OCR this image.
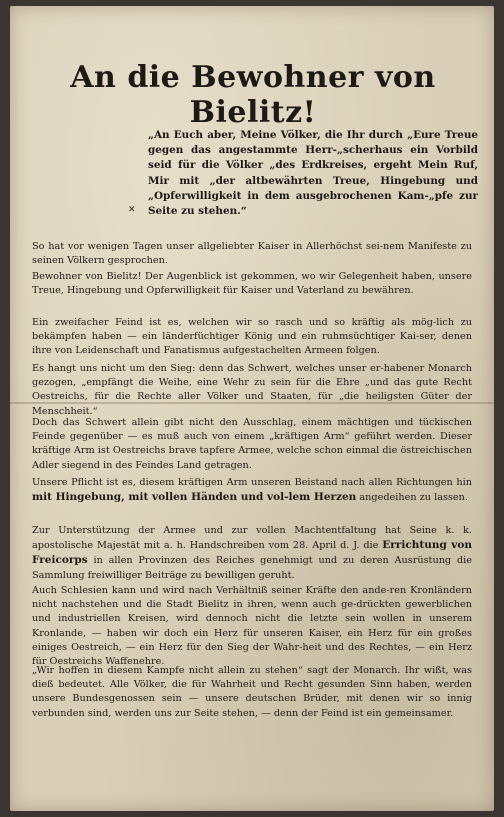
An die Bewohner von Bielitz!
„An Euch aber, Meine Völker, die Ihr durch „Eure Treue gegen das angestammte Herr-„scherhaus ein Vorbild seid für die Völker „des Erdkreises, ergeht Mein Ruf, Mir mit „der altbewährten Treue, Hingebung und „Opferwilligkeit in dem ausgebrochenen Kam-„pfe zur Seite zu stehen.“
✕
So hat vor wenigen Tagen unser allgeliebter Kaiser in Allerhöchst sei-nem Manifeste zu seinen Völkern gesprochen.
Bewohner von Bielitz! Der Augenblick ist gekommen, wo wir Gelegenheit haben, unsere Treue, Hingebung und Opferwilligkeit für Kaiser und Vaterland zu bewähren.
Ein zweifacher Feind ist es, welchen wir so rasch und so kräftig als mög-lich zu bekämpfen haben — ein länderfüchtiger König und ein ruhmsüchtiger Kai-ser, denen ihre von Leidenschaft und Fanatismus aufgestachelten Armeen folgen.
Es hangt uns nicht um den Sieg: denn das Schwert, welches unser er-habener Monarch gezogen, „empfängt die Weihe, eine Wehr zu sein für die Ehre „und das gute Recht Oestreichs, für die Rechte aller Völker und Staaten, für „die heiligsten Güter der Menschheit.“
Doch das Schwert allein gibt nicht den Ausschlag, einem mächtigen und tückischen Feinde gegenüber — es muß auch von einem „kräftigen Arm“ geführt werden. Dieser kräftige Arm ist Oestreichs brave tapfere Armee, welche schon einmal die östreichischen Adler siegend in des Feindes Land getragen.
Unsere Pflicht ist es, diesem kräftigen Arm unseren Beistand nach allen Richtungen hin mit Hingebung, mit vollen Händen und vol-lem Herzen angedeihen zu lassen.
Zur Unterstützung der Armee und zur vollen Machtentfaltung hat Seine k. k. apostolische Majestät mit a. h. Handschreiben vom 28. April d. J. die Errichtung von Freicorps in allen Provinzen des Reiches genehmigt und zu deren Ausrüstung die Sammlung freiwilliger Beiträge zu bewilligen geruht.
Auch Schlesien kann und wird nach Verhältniß seiner Kräfte den ande-ren Kronländern nicht nachstehen und die Stadt Bielitz in ihren, wenn auch ge-drückten gewerblichen und industriellen Kreisen, wird dennoch nicht die letzte sein wollen in unserem Kronlande, — haben wir doch ein Herz für unseren Kaiser, ein Herz für ein großes einiges Oestreich, — ein Herz für den Sieg der Wahr-heit und des Rechtes, — ein Herz für Oestreichs Waffenehre.
„Wir hoffen in diesem Kampfe nicht allein zu stehen“ sagt der Monarch. Ihr wißt, was dieß bedeutet. Alle Völker, die für Wahrheit und Recht gesunden Sinn haben, werden unsere Bundesgenossen sein — unsere deutschen Brüder, mit denen wir so innig verbunden sind, werden uns zur Seite stehen, — denn der Feind ist ein gemeinsamer.
